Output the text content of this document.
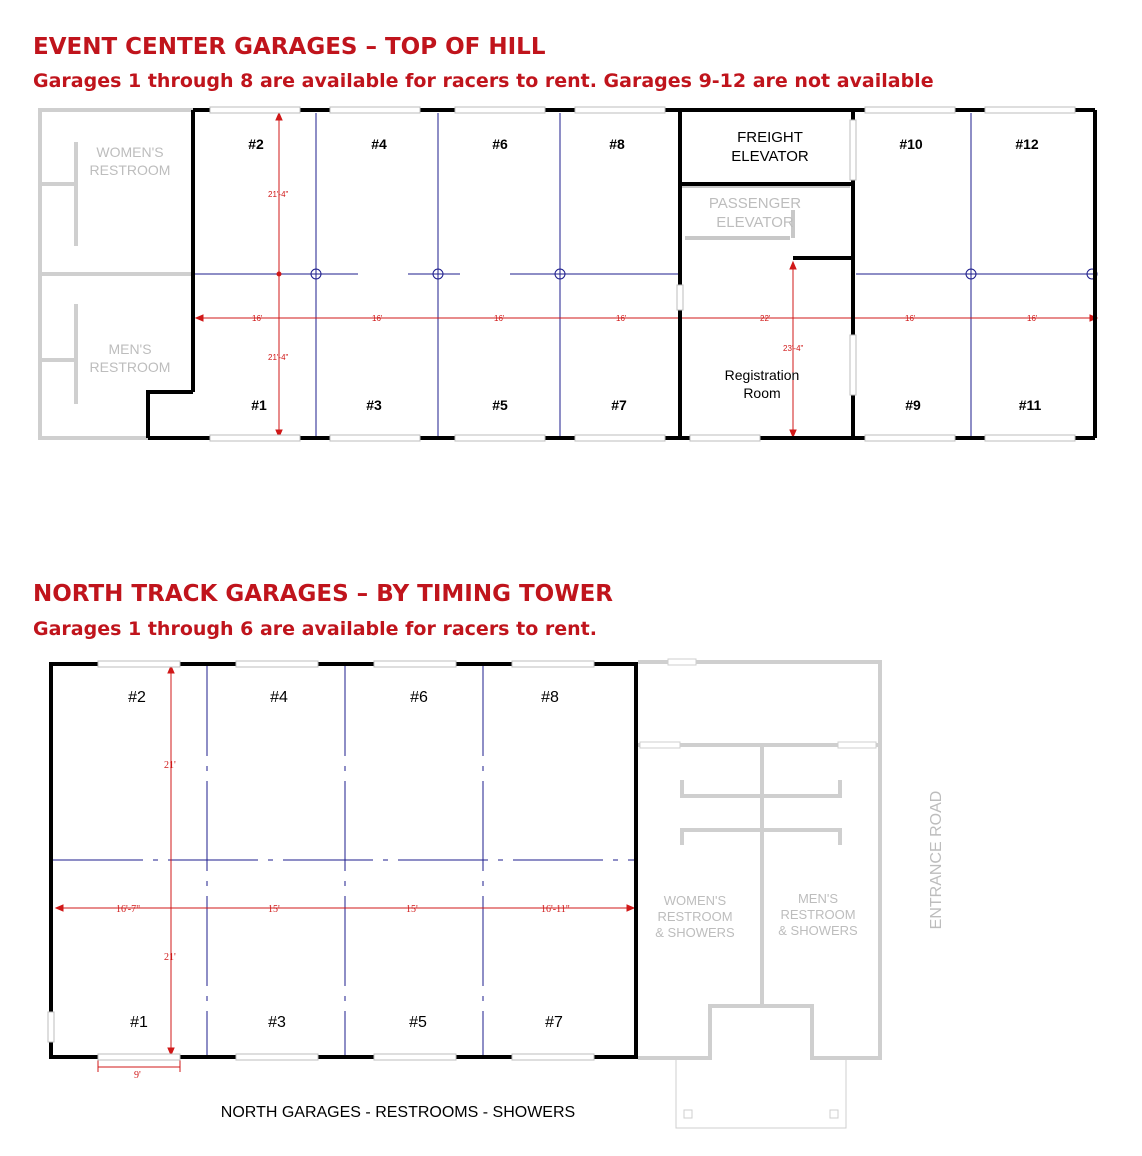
EVENT CENTER GARAGES – TOP OF HILL
Garages 1 through 8 are available for racers to rent. Garages 9-12 are not available
NORTH TRACK GARAGES – BY TIMING TOWER
Garages 1 through 6 are available for racers to rent.
WOMEN'S
RESTROOM
MEN'S
RESTROOM
21'-4"
21'-4"
16'	16'	16'	16'	22'	16'	16'
23'-4"
FREIGHT
ELEVATOR
PASSENGER
ELEVATOR
Registration
Room
#2	#4	#6	#8	#10	#12
#1	#3	#5	#7	#9	#11
WOMEN'S
RESTROOM
& SHOWERS
MEN'S
RESTROOM
& SHOWERS
ENTRANCE ROAD
21'
21'
16'-7"	15'	15'	16'-11"
9'
#2	#4	#6	#8
#1	#3	#5	#7
NORTH GARAGES - RESTROOMS - SHOWERS
